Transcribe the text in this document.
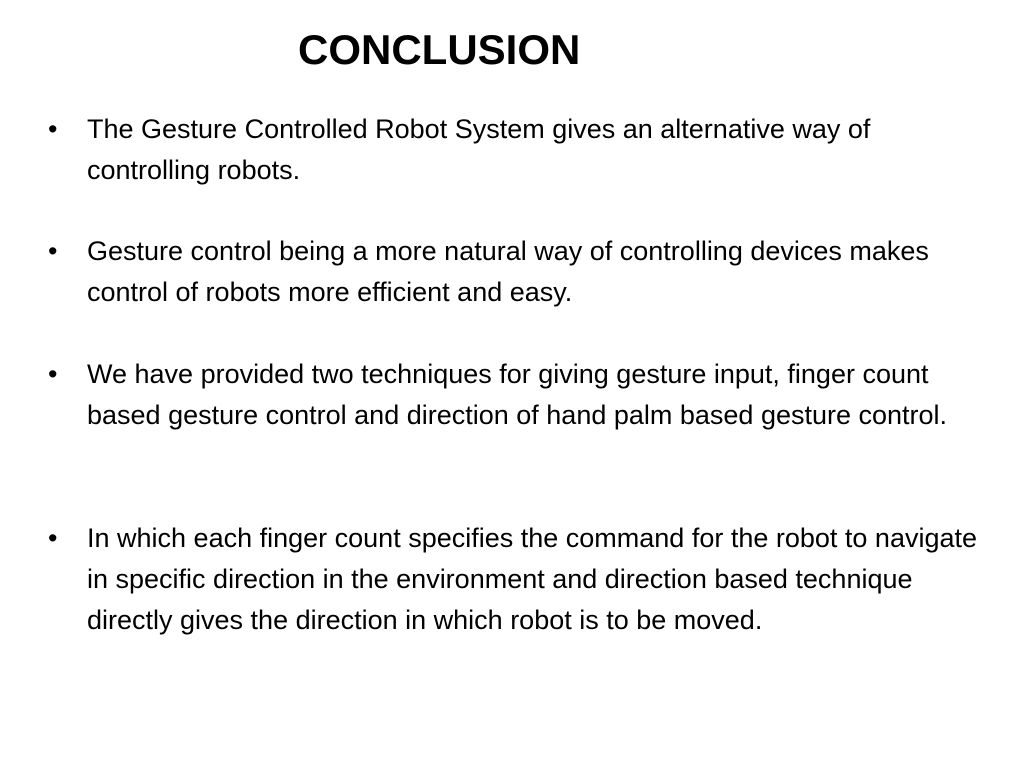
CONCLUSION
• The Gesture Controlled Robot System gives an alternative way of controlling robots.
• Gesture control being a more natural way of controlling devices makes control of robots more efficient and easy.
• We have provided two techniques for giving gesture input, finger count based gesture control and direction of hand palm based gesture control.
• In which each finger count specifies the command for the robot to navigate in specific direction in the environment and direction based technique directly gives the direction in which robot is to be moved.
